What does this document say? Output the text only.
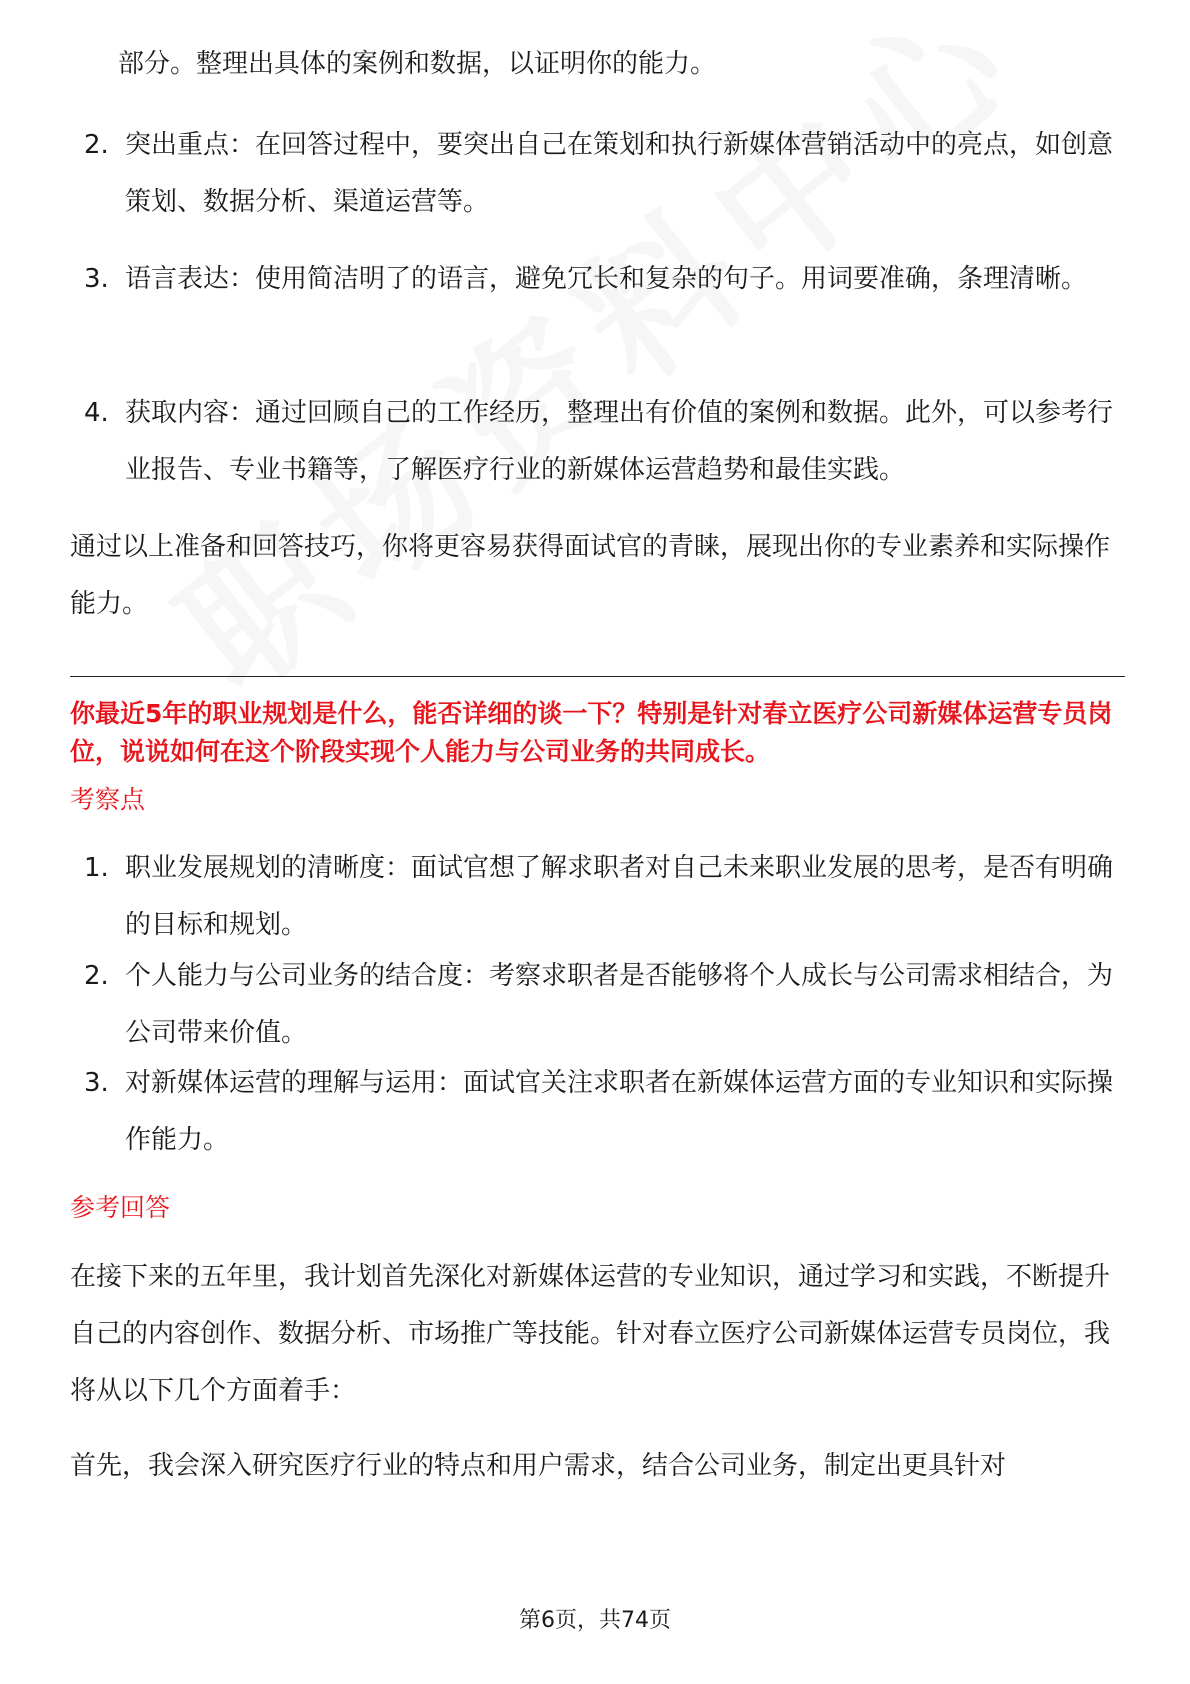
部分。整理出具体的案例和数据，以证明你的能力。
2. 突出重点：在回答过程中，要突出自己在策划和执行新媒体营销活动中的亮点，如创意策划、数据分析、渠道运营等。
3. 语言表达：使用简洁明了的语言，避免冗长和复杂的句子。用词要准确，条理清晰。
4. 获取内容：通过回顾自己的工作经历，整理出有价值的案例和数据。此外，可以参考行业报告、专业书籍等，了解医疗行业的新媒体运营趋势和最佳实践。
通过以上准备和回答技巧，你将更容易获得面试官的青睐，展现出你的专业素养和实际操作能力。
你最近5年的职业规划是什么，能否详细的谈一下？特别是针对春立医疗公司新媒体运营专员岗位，说说如何在这个阶段实现个人能力与公司业务的共同成长。
考察点
1. 职业发展规划的清晰度：面试官想了解求职者对自己未来职业发展的思考，是否有明确的目标和规划。
2. 个人能力与公司业务的结合度：考察求职者是否能够将个人成长与公司需求相结合，为公司带来价值。
3. 对新媒体运营的理解与运用：面试官关注求职者在新媒体运营方面的专业知识和实际操作能力。
参考回答
在接下来的五年里，我计划首先深化对新媒体运营的专业知识，通过学习和实践，不断提升自己的内容创作、数据分析、市场推广等技能。针对春立医疗公司新媒体运营专员岗位，我将从以下几个方面着手：
首先，我会深入研究医疗行业的特点和用户需求，结合公司业务，制定出更具针对
第6页，共74页
